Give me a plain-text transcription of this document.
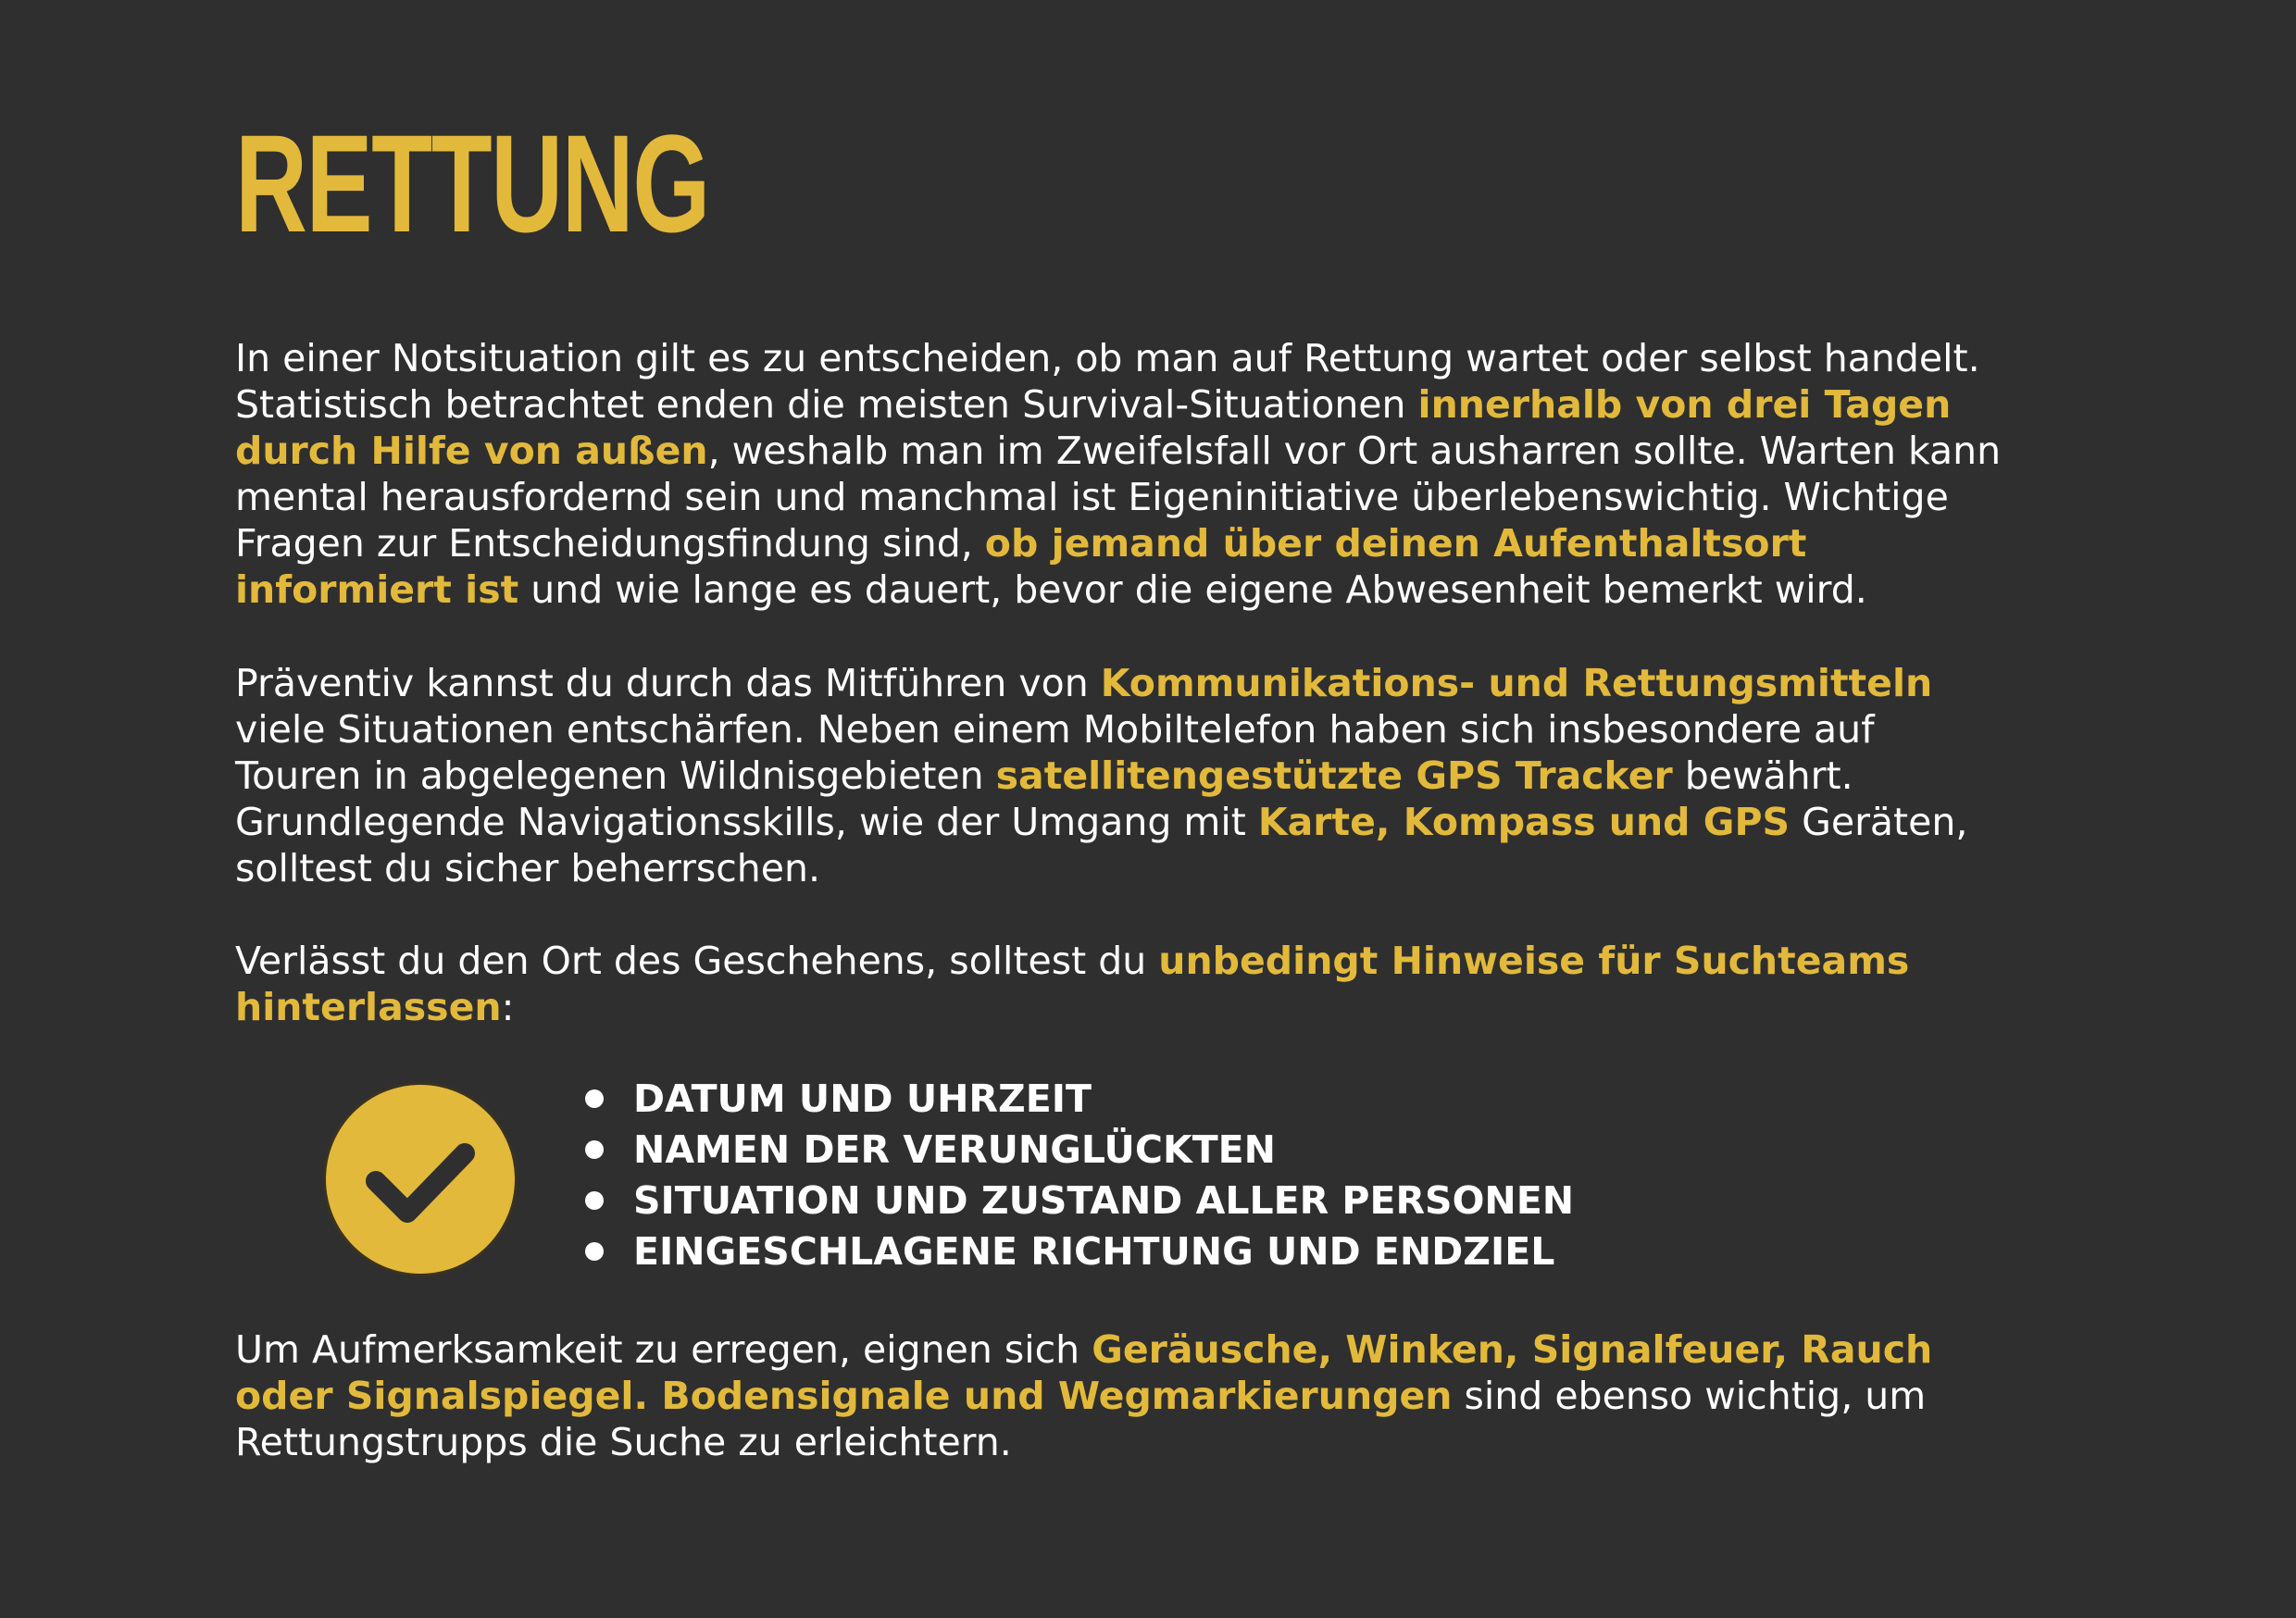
RETTUNG

In einer Notsituation gilt es zu entscheiden, ob man auf Rettung wartet oder selbst handelt.
Statistisch betrachtet enden die meisten Survival-Situationen innerhalb von drei Tagen
durch Hilfe von außen, weshalb man im Zweifelsfall vor Ort ausharren sollte. Warten kann
mental herausfordernd sein und manchmal ist Eigeninitiative überlebenswichtig. Wichtige
Fragen zur Entscheidungsfindung sind, ob jemand über deinen Aufenthaltsort
informiert ist und wie lange es dauert, bevor die eigene Abwesenheit bemerkt wird.

Präventiv kannst du durch das Mitführen von Kommunikations- und Rettungsmitteln
viele Situationen entschärfen. Neben einem Mobiltelefon haben sich insbesondere auf
Touren in abgelegenen Wildnisgebieten satellitengestützte GPS Tracker bewährt.
Grundlegende Navigationsskills, wie der Umgang mit Karte, Kompass und GPS Geräten,
solltest du sicher beherrschen.

Verlässt du den Ort des Geschehens, solltest du unbedingt Hinweise für Suchteams
hinterlassen:

DATUM UND UHRZEIT
NAMEN DER VERUNGLÜCKTEN
SITUATION UND ZUSTAND ALLER PERSONEN
EINGESCHLAGENE RICHTUNG UND ENDZIEL

Um Aufmerksamkeit zu erregen, eignen sich Geräusche, Winken, Signalfeuer, Rauch
oder Signalspiegel. Bodensignale und Wegmarkierungen sind ebenso wichtig, um
Rettungstrupps die Suche zu erleichtern.
